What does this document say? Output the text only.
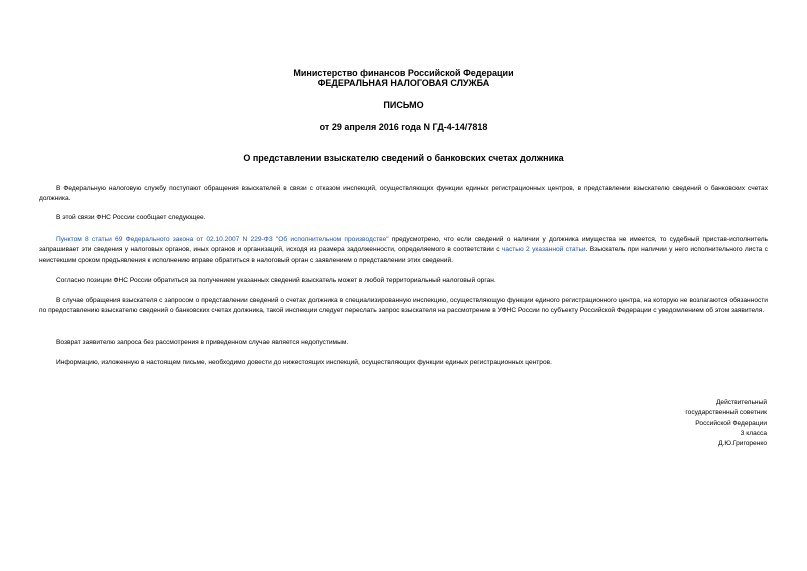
Министерство финансов Российской Федерации
ФЕДЕРАЛЬНАЯ НАЛОГОВАЯ СЛУЖБА
ПИСЬМО
от 29 апреля 2016 года N ГД-4-14/7818
О представлении взыскателю сведений о банковских счетах должника
В Федеральную налоговую службу поступают обращения взыскателей в связи с отказом инспекций, осуществляющих функции единых регистрационных центров, в представлении взыскателю сведений о банковских счетах должника.
В этой связи ФНС России сообщает следующее.
Пунктом 8 статьи 69 Федерального закона от 02.10.2007 N 229-ФЗ "Об исполнительном производстве" предусмотрено, что если сведений о наличии у должника имущества не имеется, то судебный пристав-исполнитель запрашивает эти сведения у налоговых органов, иных органов и организаций, исходя из размера задолженности, определяемого в соответствии с частью 2 указанной статьи. Взыскатель при наличии у него исполнительного листа с неистекшим сроком предъявления к исполнению вправе обратиться в налоговый орган с заявлением о представлении этих сведений.
Согласно позиции ФНС России обратиться за получением указанных сведений взыскатель может в любой территориальный налоговый орган.
В случае обращения взыскателя с запросом о представлении сведений о счетах должника в специализированную инспекцию, осуществляющую функции единого регистрационного центра, на которую не возлагаются обязанности по предоставлению взыскателю сведений о банковских счетах должника, такой инспекции следует переслать запрос взыскателя на рассмотрение в УФНС России по субъекту Российской Федерации с уведомлением об этом заявителя.
Возврат заявителю запроса без рассмотрения в приведенном случае является недопустимым.
Информацию, изложенную в настоящем письме, необходимо довести до нижестоящих инспекций, осуществляющих функции единых регистрационных центров.
Действительный
государственный советник
Российской Федерации
3 класса
Д.Ю.Григоренко
